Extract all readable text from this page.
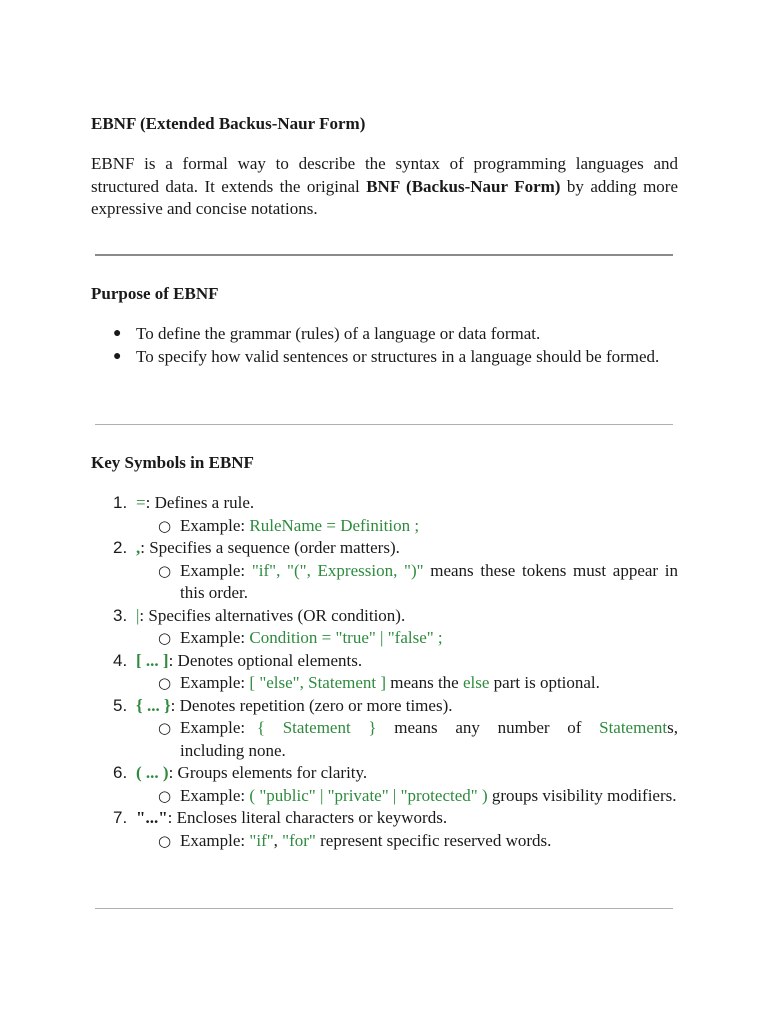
EBNF (Extended Backus-Naur Form)

EBNF is a formal way to describe the syntax of programming languages and structured data. It extends the original BNF (Backus-Naur Form) by adding more expressive and concise notations.

Purpose of EBNF
● To define the grammar (rules) of a language or data format.
● To specify how valid sentences or structures in a language should be formed.
Key Symbols in EBNF
1. =: Defines a rule.
○ Example: RuleName = Definition ;
2. ,: Specifies a sequence (order matters).
○ Example: "if", "(", Expression, ")" means these tokens must appear in this order.
3. |: Specifies alternatives (OR condition).
○ Example: Condition = "true" | "false" ;
4. [ ... ]: Denotes optional elements.
○ Example: [ "else", Statement ] means the else part is optional.
5. { ... }: Denotes repetition (zero or more times).
○ Example: { Statement } means any number of Statements, including none.
6. ( ... ): Groups elements for clarity.
○ Example: ( "public" | "private" | "protected" ) groups visibility modifiers.
7. "...": Encloses literal characters or keywords.
○ Example: "if", "for" represent specific reserved words.
